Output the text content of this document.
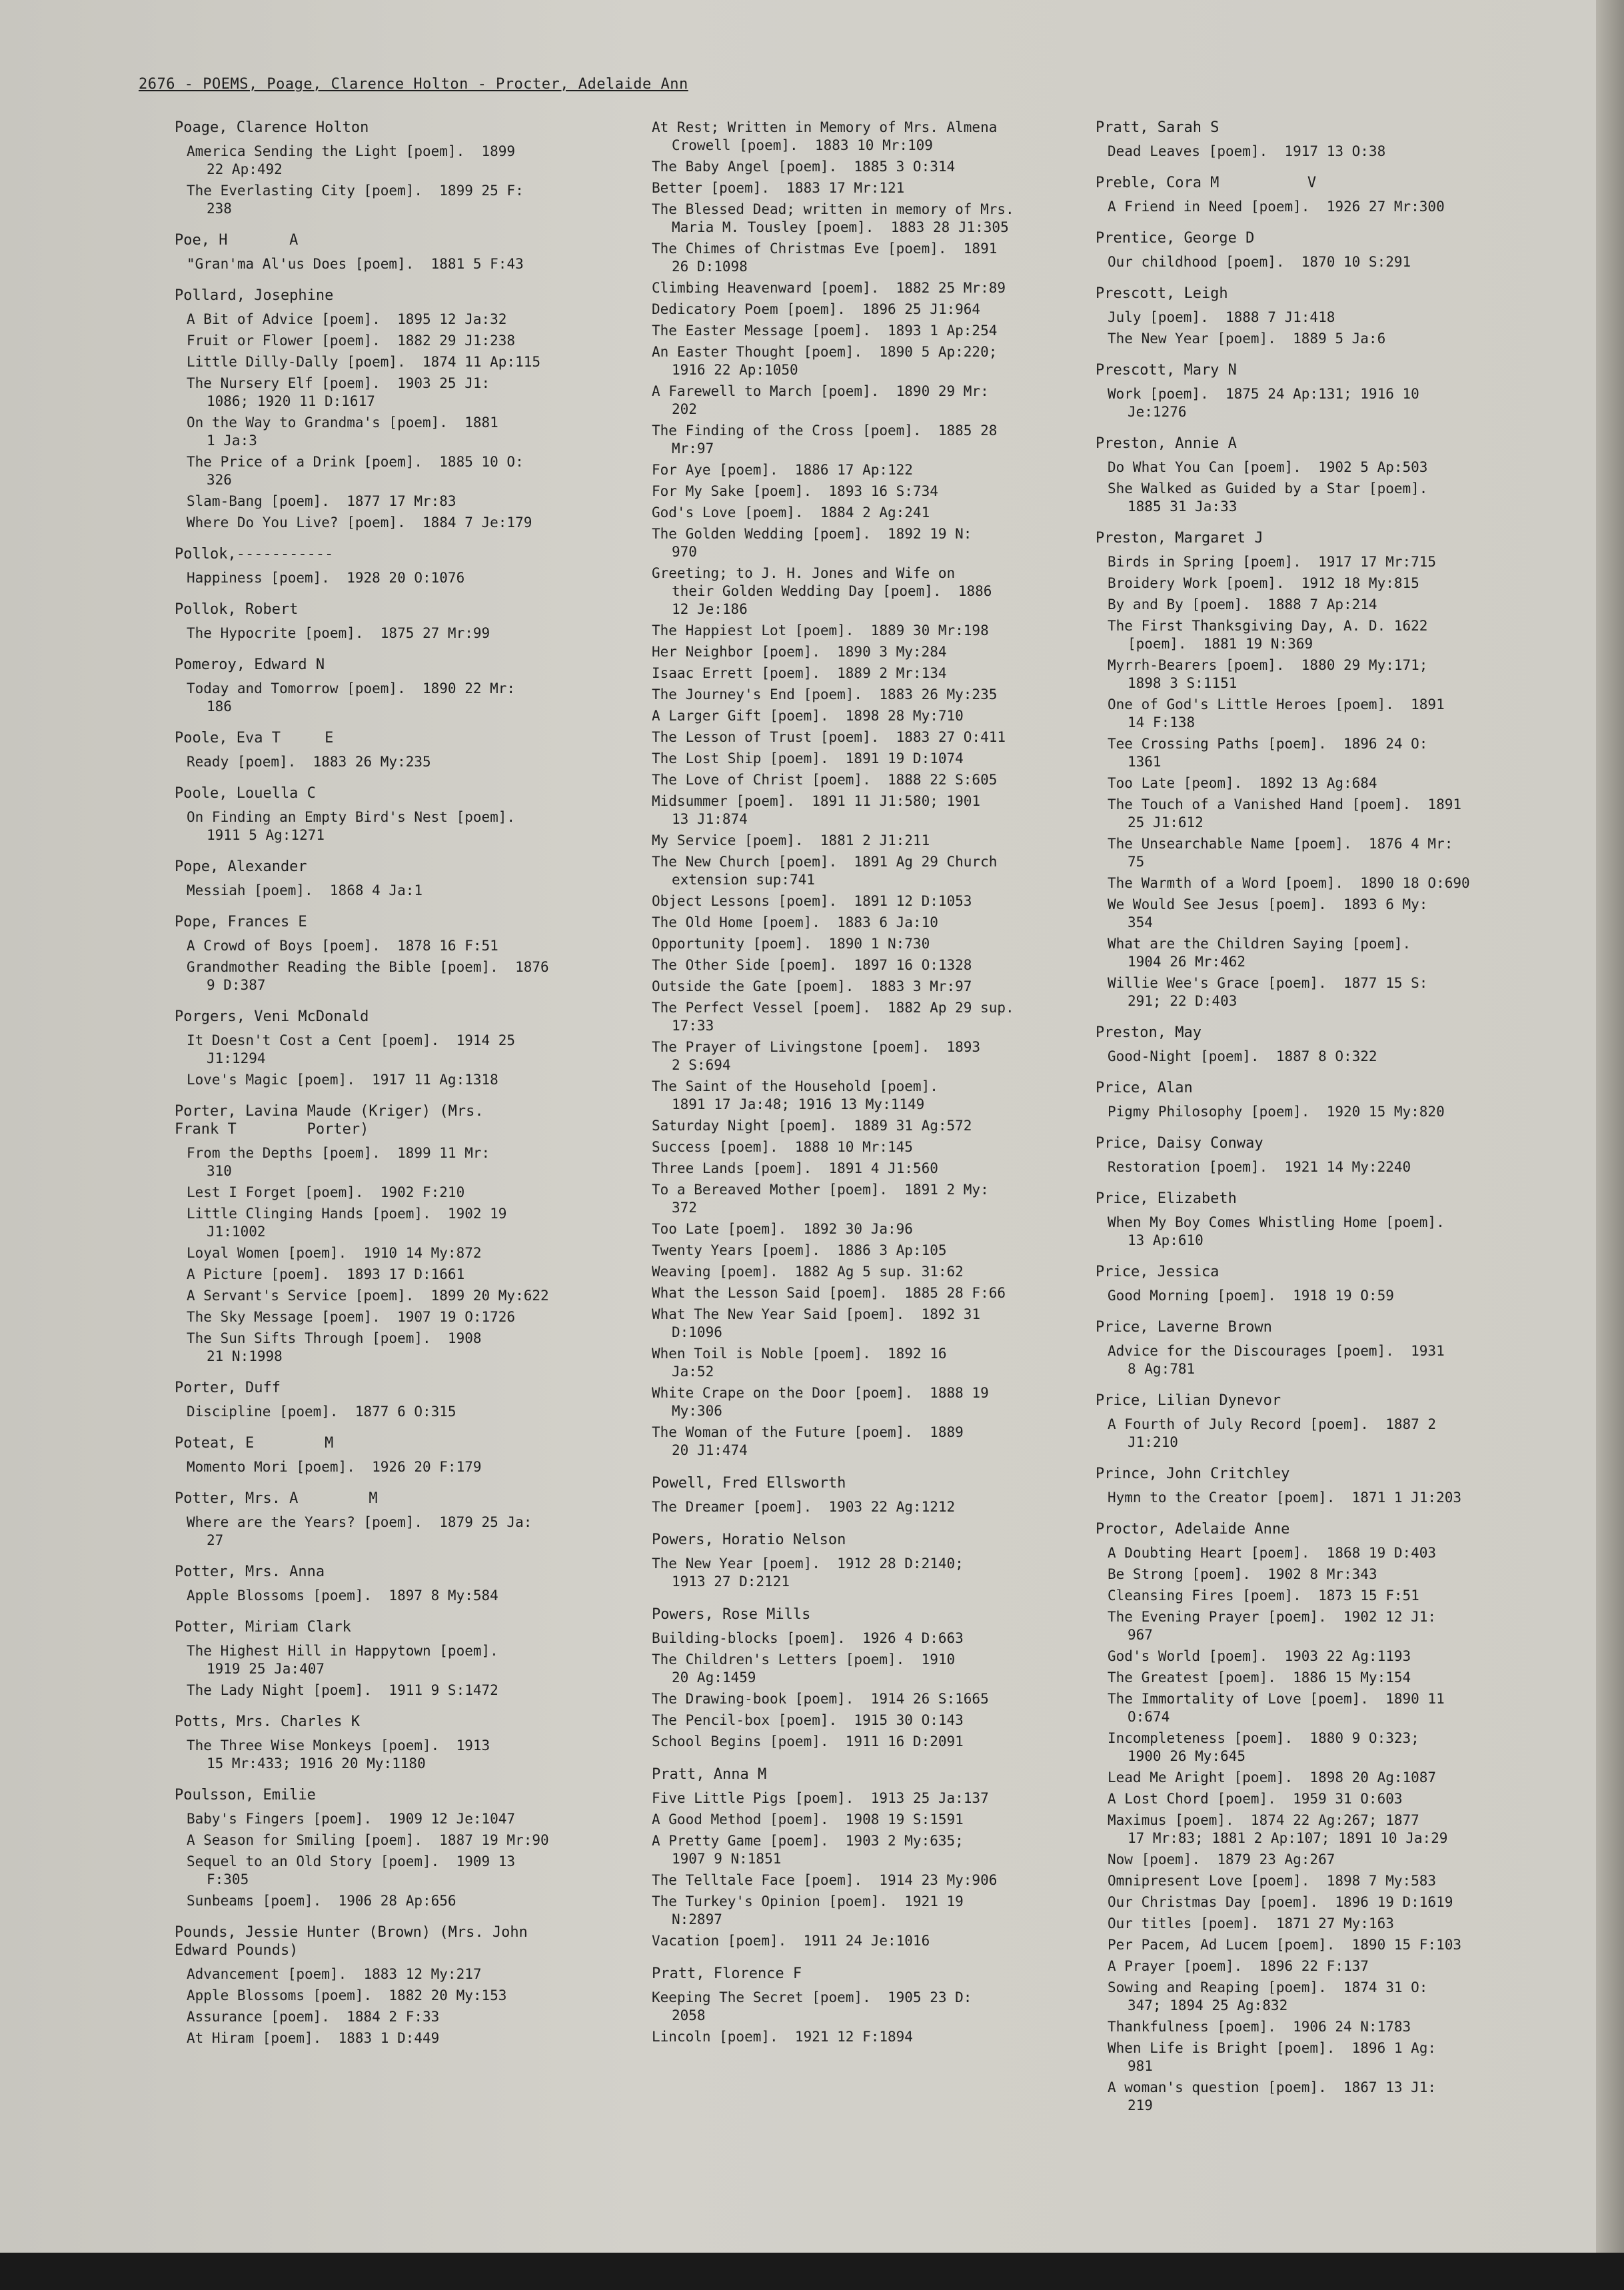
2676 - POEMS, Poage, Clarence Holton - Procter, Adelaide Ann
Poage, Clarence Holton
America Sending the Light [poem].  1899
22 Ap:492
The Everlasting City [poem].  1899 25 F:
238
Poe, H       A
"Gran'ma Al'us Does [poem].  1881 5 F:43
Pollard, Josephine
A Bit of Advice [poem].  1895 12 Ja:32
Fruit or Flower [poem].  1882 29 J1:238
Little Dilly-Dally [poem].  1874 11 Ap:115
The Nursery Elf [poem].  1903 25 J1:
1086; 1920 11 D:1617
On the Way to Grandma's [poem].  1881
1 Ja:3
The Price of a Drink [poem].  1885 10 O:
326
Slam-Bang [poem].  1877 17 Mr:83
Where Do You Live? [poem].  1884 7 Je:179
Pollok,-----------
Happiness [poem].  1928 20 O:1076
Pollok, Robert
The Hypocrite [poem].  1875 27 Mr:99
Pomeroy, Edward N
Today and Tomorrow [poem].  1890 22 Mr:
186
Poole, Eva T     E
Ready [poem].  1883 26 My:235
Poole, Louella C
On Finding an Empty Bird's Nest [poem].
1911 5 Ag:1271
Pope, Alexander
Messiah [poem].  1868 4 Ja:1
Pope, Frances E
A Crowd of Boys [poem].  1878 16 F:51
Grandmother Reading the Bible [poem].  1876
9 D:387
Porgers, Veni McDonald
It Doesn't Cost a Cent [poem].  1914 25
J1:1294
Love's Magic [poem].  1917 11 Ag:1318
Porter, Lavina Maude (Kriger) (Mrs.
Frank T        Porter)
From the Depths [poem].  1899 11 Mr:
310
Lest I Forget [poem].  1902 F:210
Little Clinging Hands [poem].  1902 19
J1:1002
Loyal Women [poem].  1910 14 My:872
A Picture [poem].  1893 17 D:1661
A Servant's Service [poem].  1899 20 My:622
The Sky Message [poem].  1907 19 O:1726
The Sun Sifts Through [poem].  1908
21 N:1998
Porter, Duff
Discipline [poem].  1877 6 O:315
Poteat, E        M
Momento Mori [poem].  1926 20 F:179
Potter, Mrs. A        M
Where are the Years? [poem].  1879 25 Ja:
27
Potter, Mrs. Anna
Apple Blossoms [poem].  1897 8 My:584
Potter, Miriam Clark
The Highest Hill in Happytown [poem].
1919 25 Ja:407
The Lady Night [poem].  1911 9 S:1472
Potts, Mrs. Charles K
The Three Wise Monkeys [poem].  1913
15 Mr:433; 1916 20 My:1180
Poulsson, Emilie
Baby's Fingers [poem].  1909 12 Je:1047
A Season for Smiling [poem].  1887 19 Mr:90
Sequel to an Old Story [poem].  1909 13
F:305
Sunbeams [poem].  1906 28 Ap:656
Pounds, Jessie Hunter (Brown) (Mrs. John
Edward Pounds)
Advancement [poem].  1883 12 My:217
Apple Blossoms [poem].  1882 20 My:153
Assurance [poem].  1884 2 F:33
At Hiram [poem].  1883 1 D:449
At Rest; Written in Memory of Mrs. Almena
Crowell [poem].  1883 10 Mr:109
The Baby Angel [poem].  1885 3 O:314
Better [poem].  1883 17 Mr:121
The Blessed Dead; written in memory of Mrs.
Maria M. Tousley [poem].  1883 28 J1:305
The Chimes of Christmas Eve [poem].  1891
26 D:1098
Climbing Heavenward [poem].  1882 25 Mr:89
Dedicatory Poem [poem].  1896 25 J1:964
The Easter Message [poem].  1893 1 Ap:254
An Easter Thought [poem].  1890 5 Ap:220;
1916 22 Ap:1050
A Farewell to March [poem].  1890 29 Mr:
202
The Finding of the Cross [poem].  1885 28
Mr:97
For Aye [poem].  1886 17 Ap:122
For My Sake [poem].  1893 16 S:734
God's Love [poem].  1884 2 Ag:241
The Golden Wedding [poem].  1892 19 N:
970
Greeting; to J. H. Jones and Wife on
their Golden Wedding Day [poem].  1886
12 Je:186
The Happiest Lot [poem].  1889 30 Mr:198
Her Neighbor [poem].  1890 3 My:284
Isaac Errett [poem].  1889 2 Mr:134
The Journey's End [poem].  1883 26 My:235
A Larger Gift [poem].  1898 28 My:710
The Lesson of Trust [poem].  1883 27 O:411
The Lost Ship [poem].  1891 19 D:1074
The Love of Christ [poem].  1888 22 S:605
Midsummer [poem].  1891 11 J1:580; 1901
13 J1:874
My Service [poem].  1881 2 J1:211
The New Church [poem].  1891 Ag 29 Church
extension sup:741
Object Lessons [poem].  1891 12 D:1053
The Old Home [poem].  1883 6 Ja:10
Opportunity [poem].  1890 1 N:730
The Other Side [poem].  1897 16 O:1328
Outside the Gate [poem].  1883 3 Mr:97
The Perfect Vessel [poem].  1882 Ap 29 sup.
17:33
The Prayer of Livingstone [poem].  1893
2 S:694
The Saint of the Household [poem].
1891 17 Ja:48; 1916 13 My:1149
Saturday Night [poem].  1889 31 Ag:572
Success [poem].  1888 10 Mr:145
Three Lands [poem].  1891 4 J1:560
To a Bereaved Mother [poem].  1891 2 My:
372
Too Late [poem].  1892 30 Ja:96
Twenty Years [poem].  1886 3 Ap:105
Weaving [poem].  1882 Ag 5 sup. 31:62
What the Lesson Said [poem].  1885 28 F:66
What The New Year Said [poem].  1892 31
D:1096
When Toil is Noble [poem].  1892 16
Ja:52
White Crape on the Door [poem].  1888 19
My:306
The Woman of the Future [poem].  1889
20 J1:474
Powell, Fred Ellsworth
The Dreamer [poem].  1903 22 Ag:1212
Powers, Horatio Nelson
The New Year [poem].  1912 28 D:2140;
1913 27 D:2121
Powers, Rose Mills
Building-blocks [poem].  1926 4 D:663
The Children's Letters [poem].  1910
20 Ag:1459
The Drawing-book [poem].  1914 26 S:1665
The Pencil-box [poem].  1915 30 O:143
School Begins [poem].  1911 16 D:2091
Pratt, Anna M
Five Little Pigs [poem].  1913 25 Ja:137
A Good Method [poem].  1908 19 S:1591
A Pretty Game [poem].  1903 2 My:635;
1907 9 N:1851
The Telltale Face [poem].  1914 23 My:906
The Turkey's Opinion [poem].  1921 19
N:2897
Vacation [poem].  1911 24 Je:1016
Pratt, Florence F
Keeping The Secret [poem].  1905 23 D:
2058
Lincoln [poem].  1921 12 F:1894
Pratt, Sarah S
Dead Leaves [poem].  1917 13 O:38
Preble, Cora M          V
A Friend in Need [poem].  1926 27 Mr:300
Prentice, George D
Our childhood [poem].  1870 10 S:291
Prescott, Leigh
July [poem].  1888 7 J1:418
The New Year [poem].  1889 5 Ja:6
Prescott, Mary N
Work [poem].  1875 24 Ap:131; 1916 10
Je:1276
Preston, Annie A
Do What You Can [poem].  1902 5 Ap:503
She Walked as Guided by a Star [poem].
1885 31 Ja:33
Preston, Margaret J
Birds in Spring [poem].  1917 17 Mr:715
Broidery Work [poem].  1912 18 My:815
By and By [poem].  1888 7 Ap:214
The First Thanksgiving Day, A. D. 1622
[poem].  1881 19 N:369
Myrrh-Bearers [poem].  1880 29 My:171;
1898 3 S:1151
One of God's Little Heroes [poem].  1891
14 F:138
Tee Crossing Paths [poem].  1896 24 O:
1361
Too Late [peom].  1892 13 Ag:684
The Touch of a Vanished Hand [poem].  1891
25 J1:612
The Unsearchable Name [poem].  1876 4 Mr:
75
The Warmth of a Word [poem].  1890 18 O:690
We Would See Jesus [poem].  1893 6 My:
354
What are the Children Saying [poem].
1904 26 Mr:462
Willie Wee's Grace [poem].  1877 15 S:
291; 22 D:403
Preston, May
Good-Night [poem].  1887 8 O:322
Price, Alan
Pigmy Philosophy [poem].  1920 15 My:820
Price, Daisy Conway
Restoration [poem].  1921 14 My:2240
Price, Elizabeth
When My Boy Comes Whistling Home [poem].
13 Ap:610
Price, Jessica
Good Morning [poem].  1918 19 O:59
Price, Laverne Brown
Advice for the Discourages [poem].  1931
8 Ag:781
Price, Lilian Dynevor
A Fourth of July Record [poem].  1887 2
J1:210
Prince, John Critchley
Hymn to the Creator [poem].  1871 1 J1:203
Proctor, Adelaide Anne
A Doubting Heart [poem].  1868 19 D:403
Be Strong [poem].  1902 8 Mr:343
Cleansing Fires [poem].  1873 15 F:51
The Evening Prayer [poem].  1902 12 J1:
967
God's World [poem].  1903 22 Ag:1193
The Greatest [poem].  1886 15 My:154
The Immortality of Love [poem].  1890 11
O:674
Incompleteness [poem].  1880 9 O:323;
1900 26 My:645
Lead Me Aright [poem].  1898 20 Ag:1087
A Lost Chord [poem].  1959 31 O:603
Maximus [poem].  1874 22 Ag:267; 1877
17 Mr:83; 1881 2 Ap:107; 1891 10 Ja:29
Now [poem].  1879 23 Ag:267
Omnipresent Love [poem].  1898 7 My:583
Our Christmas Day [poem].  1896 19 D:1619
Our titles [poem].  1871 27 My:163
Per Pacem, Ad Lucem [poem].  1890 15 F:103
A Prayer [poem].  1896 22 F:137
Sowing and Reaping [poem].  1874 31 O:
347; 1894 25 Ag:832
Thankfulness [poem].  1906 24 N:1783
When Life is Bright [poem].  1896 1 Ag:
981
A woman's question [poem].  1867 13 J1:
219
